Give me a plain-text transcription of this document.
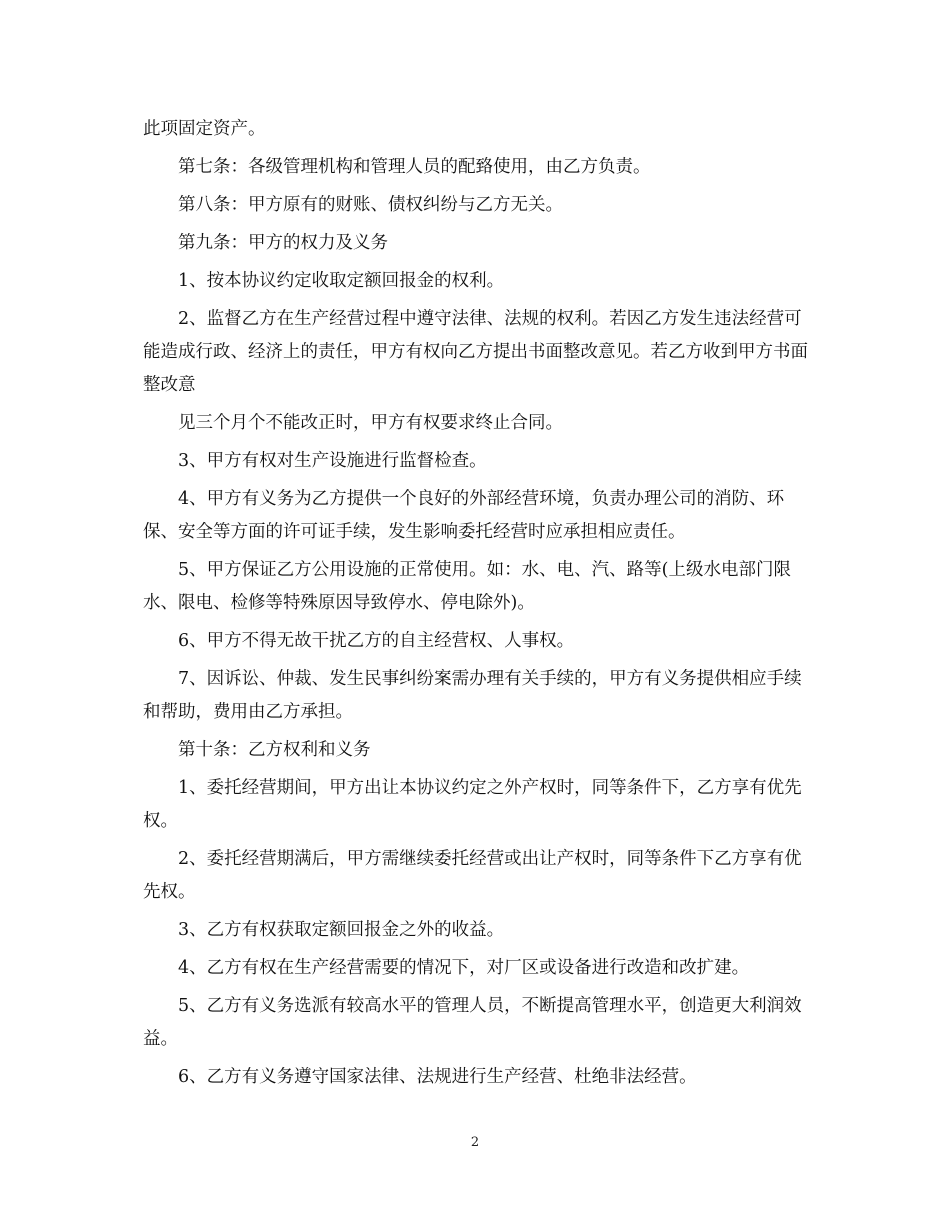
此项固定资产。

第七条：各级管理机构和管理人员的配臵使用，由乙方负责。

第八条：甲方原有的财账、债权纠纷与乙方无关。

第九条：甲方的权力及义务

1、按本协议约定收取定额回报金的权利。

2、监督乙方在生产经营过程中遵守法律、法规的权利。若因乙方发生违法经营可能造成行政、经济上的责任，甲方有权向乙方提出书面整改意见。若乙方收到甲方书面整改意

见三个月个不能改正时，甲方有权要求终止合同。

3、甲方有权对生产设施进行监督检查。

4、甲方有义务为乙方提供一个良好的外部经营环境，负责办理公司的消防、环保、安全等方面的许可证手续，发生影响委托经营时应承担相应责任。

5、甲方保证乙方公用设施的正常使用。如：水、电、汽、路等(上级水电部门限水、限电、检修等特殊原因导致停水、停电除外)。

6、甲方不得无故干扰乙方的自主经营权、人事权。

7、因诉讼、仲裁、发生民事纠纷案需办理有关手续的，甲方有义务提供相应手续和帮助，费用由乙方承担。

第十条：乙方权利和义务

1、委托经营期间，甲方出让本协议约定之外产权时，同等条件下，乙方享有优先权。

2、委托经营期满后，甲方需继续委托经营或出让产权时，同等条件下乙方享有优先权。

3、乙方有权获取定额回报金之外的收益。

4、乙方有权在生产经营需要的情况下，对厂区或设备进行改造和改扩建。

5、乙方有义务选派有较高水平的管理人员，不断提高管理水平，创造更大利润效益。

6、乙方有义务遵守国家法律、法规进行生产经营、杜绝非法经营。

2
